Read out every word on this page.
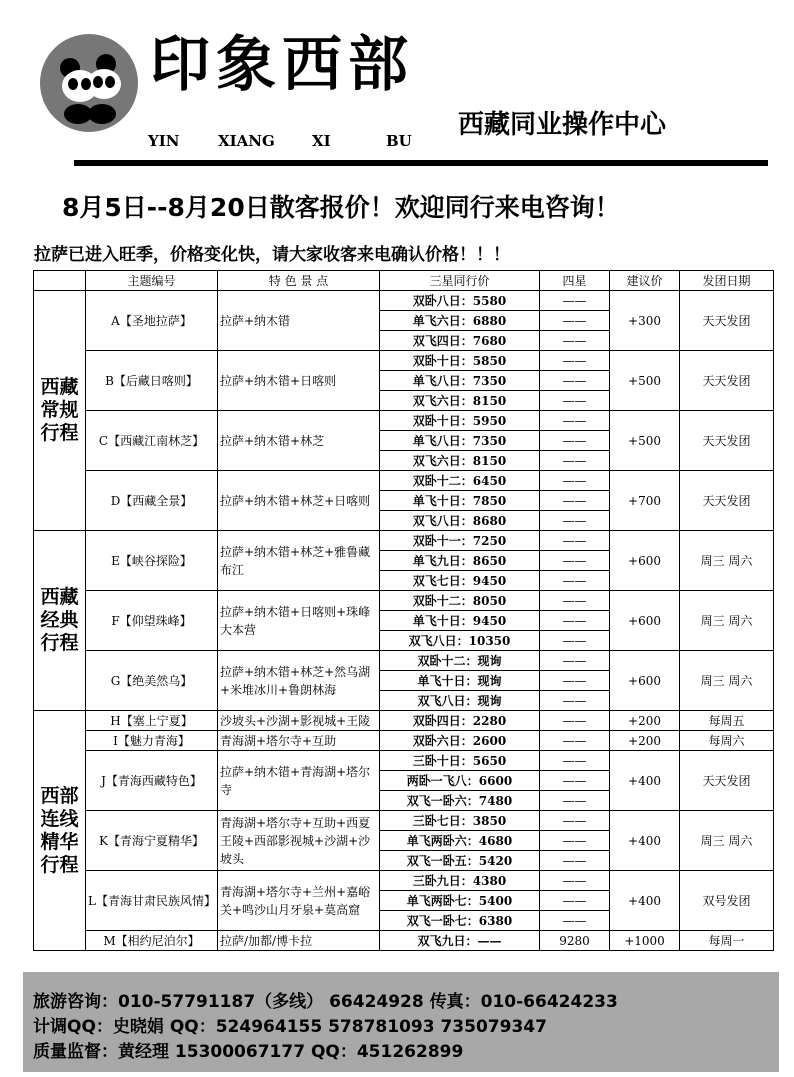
印象西部
YIN	XIANG XI	BU
西藏同业操作中心
8月5日--8月20日散客报价！欢迎同行来电咨询！
拉萨已进入旺季，价格变化快，请大家收客来电确认价格！！！
	主题编号	特 色 景 点	三星同行价	四星	建议价	发团日期
西藏常规行程	A【圣地拉萨】	拉萨+纳木错	双卧八日：5580	——	+300	天天发团
			单飞六日：6880	——		
			双飞四日：7680	——		
	B【后藏日喀则】	拉萨+纳木错+日喀则	双卧十日：5850	——	+500	天天发团
			单飞八日：7350	——		
			双飞六日：8150	——		
	C【西藏江南林芝】	拉萨+纳木错+林芝	双卧十日：5950	——	+500	天天发团
			单飞八日：7350	——		
			双飞六日：8150	——		
	D【西藏全景】	拉萨+纳木错+林芝+日喀则	双卧十二：6450	——	+700	天天发团
			单飞十日：7850	——		
			双飞八日：8680	——		
西藏经典行程	E【峡谷探险】	拉萨+纳木错+林芝+雅鲁藏布江	双卧十一：7250	——	+600	周三 周六
			单飞九日：8650	——		
			双飞七日：9450	——		
	F【仰望珠峰】	拉萨+纳木错+日喀则+珠峰大本营	双卧十二：8050	——	+600	周三 周六
			单飞十日：9450	——		
			双飞八日：10350	——		
	G【绝美然乌】	拉萨+纳木错+林芝+然乌湖+米堆冰川+鲁朗林海	双卧十二：现询	——	+600	周三 周六
			单飞十日：现询	——		
			双飞八日：现询	——		
西部连线精华行程	H【塞上宁夏】	沙坡头+沙湖+影视城+王陵	双卧四日：2280	——	+200	每周五
	I【魅力青海】	青海湖+塔尔寺+互助	双卧六日：2600	——	+200	每周六
	J【青海西藏特色】	拉萨+纳木错+青海湖+塔尔寺	三卧十日：5650	——	+400	天天发团
			两卧一飞八：6600	——		
			双飞一卧六：7480	——		
	K【青海宁夏精华】	青海湖+塔尔寺+互助+西夏王陵+西部影视城+沙湖+沙坡头	三卧七日：3850	——	+400	周三 周六
			单飞两卧六：4680	——		
			双飞一卧五：5420	——		
	L【青海甘肃民族风情】	青海湖+塔尔寺+兰州+嘉峪关+鸣沙山月牙泉+莫高窟	三卧九日：4380	——	+400	双号发团
			单飞两卧七：5400	——		
			双飞一卧七：6380	——		
	M【相约尼泊尔】	拉萨/加都/博卡拉	双飞九日：——	9280	+1000	每周一
旅游咨询：010-57791187（多线） 66424928 传真：010-66424233
计调QQ：史晓娟 QQ：524964155 578781093 735079347
质量监督：黄经理 15300067177 QQ：451262899
